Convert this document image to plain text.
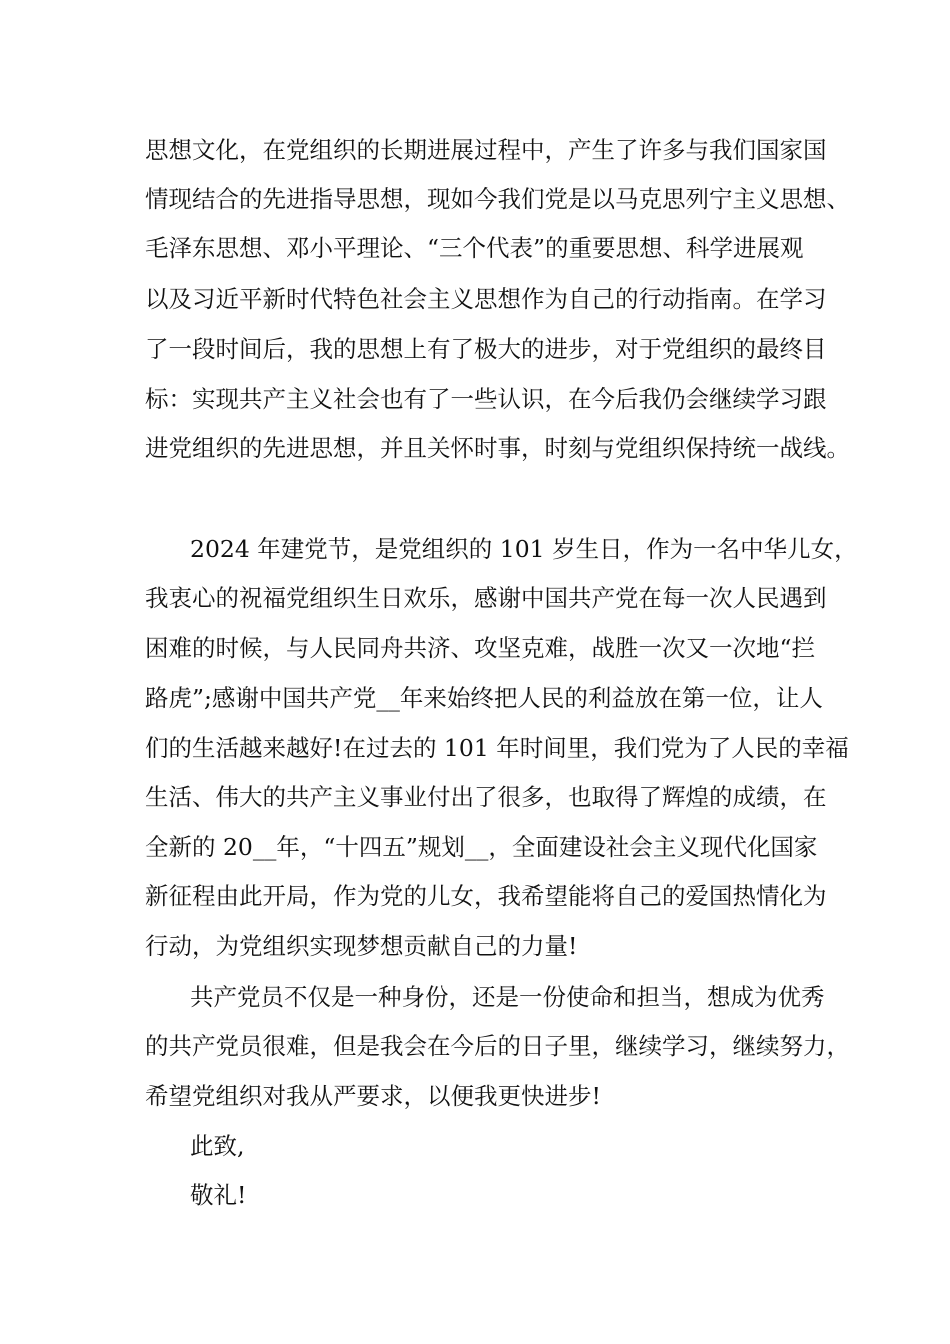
思想文化，在党组织的长期进展过程中，产生了许多与我们国家国
情现结合的先进指导思想，现如今我们党是以马克思列宁主义思想、
毛泽东思想、邓小平理论、“三个代表”的重要思想、科学进展观
以及习近平新时代特色社会主义思想作为自己的行动指南。在学习
了一段时间后，我的思想上有了极大的进步，对于党组织的最终目
标：实现共产主义社会也有了一些认识，在今后我仍会继续学习跟
进党组织的先进思想，并且关怀时事，时刻与党组织保持统一战线。
2024 年建党节，是党组织的 101 岁生日，作为一名中华儿女，
我衷心的祝福党组织生日欢乐，感谢中国共产党在每一次人民遇到
困难的时候，与人民同舟共济、攻坚克难，战胜一次又一次地“拦
路虎”;感谢中国共产党__年来始终把人民的利益放在第一位，让人
们的生活越来越好!在过去的 101 年时间里，我们党为了人民的幸福
生活、伟大的共产主义事业付出了很多，也取得了辉煌的成绩，在
全新的 20__年，“十四五”规划__，全面建设社会主义现代化国家
新征程由此开局，作为党的儿女，我希望能将自己的爱国热情化为
行动，为党组织实现梦想贡献自己的力量!
共产党员不仅是一种身份，还是一份使命和担当，想成为优秀
的共产党员很难，但是我会在今后的日子里，继续学习，继续努力，
希望党组织对我从严要求，以便我更快进步!
此致,
敬礼!
